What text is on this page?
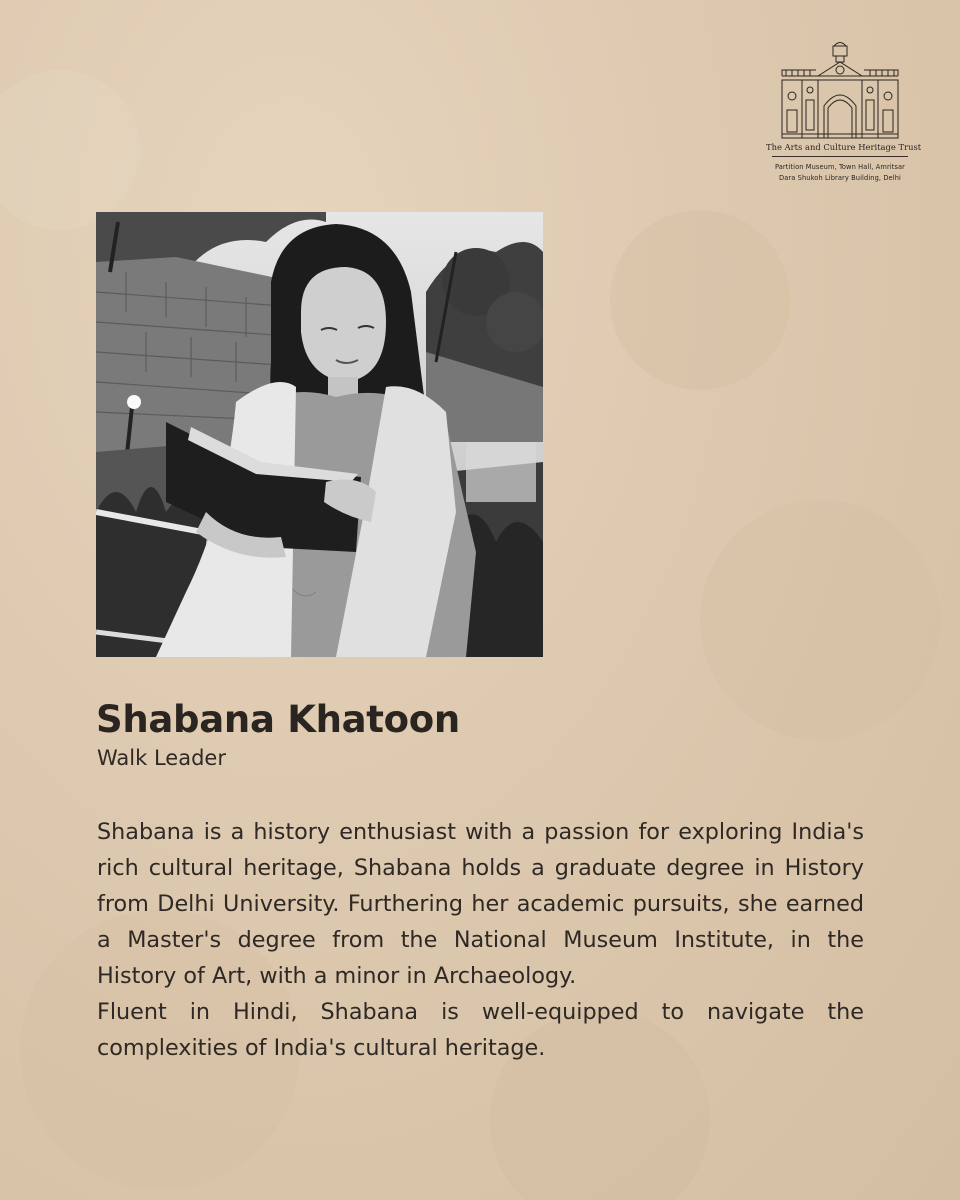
The Arts and Culture Heritage Trust
Partition Museum, Town Hall, Amritsar
Dara Shukoh Library Building, Delhi
Shabana Khatoon
Walk Leader

Shabana is a history enthusiast with a passion for exploring India's rich cultural heritage, Shabana holds a graduate degree in History from Delhi University. Furthering her academic pursuits, she earned a Master's degree from the National Museum Institute, in the History of Art, with a minor in Archaeology.

Fluent in Hindi, Shabana is well-equipped to navigate the complexities of India's cultural heritage.
